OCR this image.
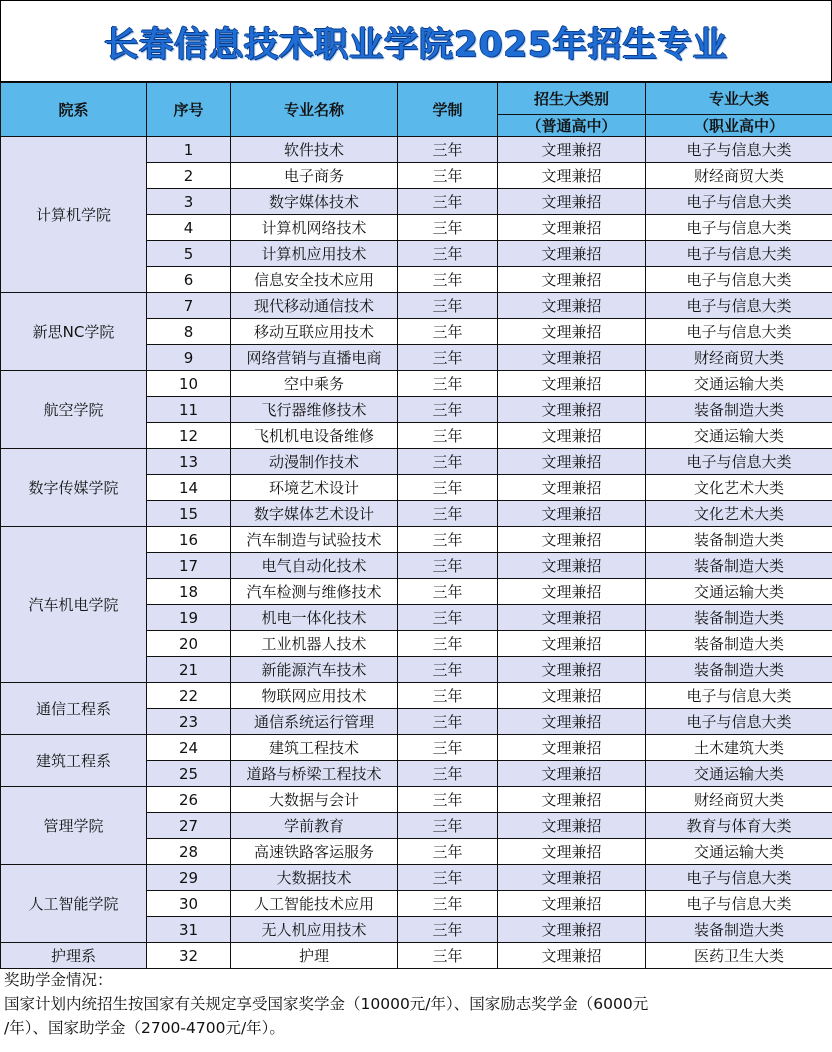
长春信息技术职业学院2025年招生专业
院系	序号	专业名称	学制	招生大类别	专业大类
				（普通高中）	（职业高中）
计算机学院	1	软件技术	三年	文理兼招	电子与信息大类
	2	电子商务	三年	文理兼招	财经商贸大类
	3	数字媒体技术	三年	文理兼招	电子与信息大类
	4	计算机网络技术	三年	文理兼招	电子与信息大类
	5	计算机应用技术	三年	文理兼招	电子与信息大类
	6	信息安全技术应用	三年	文理兼招	电子与信息大类
新思NC学院	7	现代移动通信技术	三年	文理兼招	电子与信息大类
	8	移动互联应用技术	三年	文理兼招	电子与信息大类
	9	网络营销与直播电商	三年	文理兼招	财经商贸大类
航空学院	10	空中乘务	三年	文理兼招	交通运输大类
	11	飞行器维修技术	三年	文理兼招	装备制造大类
	12	飞机机电设备维修	三年	文理兼招	交通运输大类
数字传媒学院	13	动漫制作技术	三年	文理兼招	电子与信息大类
	14	环境艺术设计	三年	文理兼招	文化艺术大类
	15	数字媒体艺术设计	三年	文理兼招	文化艺术大类
汽车机电学院	16	汽车制造与试验技术	三年	文理兼招	装备制造大类
	17	电气自动化技术	三年	文理兼招	装备制造大类
	18	汽车检测与维修技术	三年	文理兼招	交通运输大类
	19	机电一体化技术	三年	文理兼招	装备制造大类
	20	工业机器人技术	三年	文理兼招	装备制造大类
	21	新能源汽车技术	三年	文理兼招	装备制造大类
通信工程系	22	物联网应用技术	三年	文理兼招	电子与信息大类
	23	通信系统运行管理	三年	文理兼招	电子与信息大类
建筑工程系	24	建筑工程技术	三年	文理兼招	土木建筑大类
	25	道路与桥梁工程技术	三年	文理兼招	交通运输大类
管理学院	26	大数据与会计	三年	文理兼招	财经商贸大类
	27	学前教育	三年	文理兼招	教育与体育大类
	28	高速铁路客运服务	三年	文理兼招	交通运输大类
人工智能学院	29	大数据技术	三年	文理兼招	电子与信息大类
	30	人工智能技术应用	三年	文理兼招	电子与信息大类
	31	无人机应用技术	三年	文理兼招	装备制造大类
护理系	32	护理	三年	文理兼招	医药卫生大类

奖助学金情况：

国家计划内统招生按国家有关规定享受国家奖学金（10000元/年）、国家励志奖学金（6000元

/年）、国家助学金（2700-4700元/年）。
